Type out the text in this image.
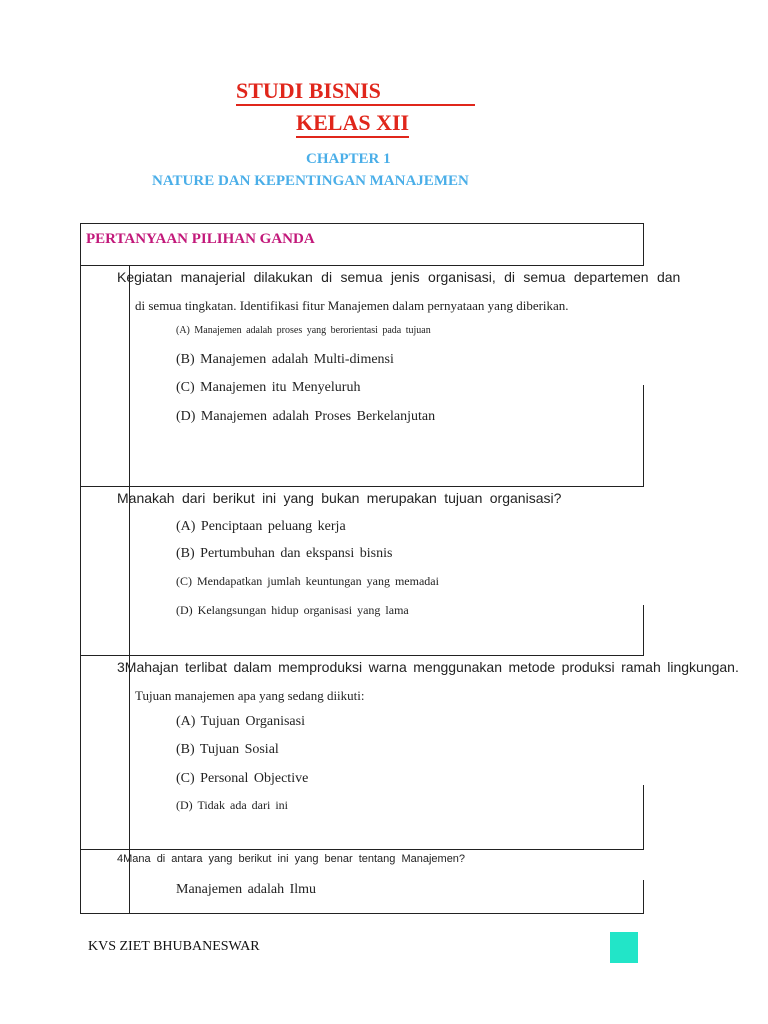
STUDI BISNIS
KELAS XII
CHAPTER 1
NATURE DAN KEPENTINGAN MANAJEMEN
PERTANYAAN PILIHAN GANDA
Kegiatan manajerial dilakukan di semua jenis organisasi, di semua departemen dan
di semua tingkatan. Identifikasi fitur Manajemen dalam pernyataan yang diberikan.
(A) Manajemen adalah proses yang berorientasi pada tujuan
(B) Manajemen adalah Multi-dimensi
(C) Manajemen itu Menyeluruh
(D) Manajemen adalah Proses Berkelanjutan
Manakah dari berikut ini yang bukan merupakan tujuan organisasi?
(A) Penciptaan peluang kerja
(B) Pertumbuhan dan ekspansi bisnis
(C) Mendapatkan jumlah keuntungan yang memadai
(D) Kelangsungan hidup organisasi yang lama
3Mahajan terlibat dalam memproduksi warna menggunakan metode produksi ramah lingkungan.
Tujuan manajemen apa yang sedang diikuti:
(A) Tujuan Organisasi
(B) Tujuan Sosial
(C) Personal Objective
(D) Tidak ada dari ini
4Mana di antara yang berikut ini yang benar tentang Manajemen?
Manajemen adalah Ilmu
KVS ZIET BHUBANESWAR
